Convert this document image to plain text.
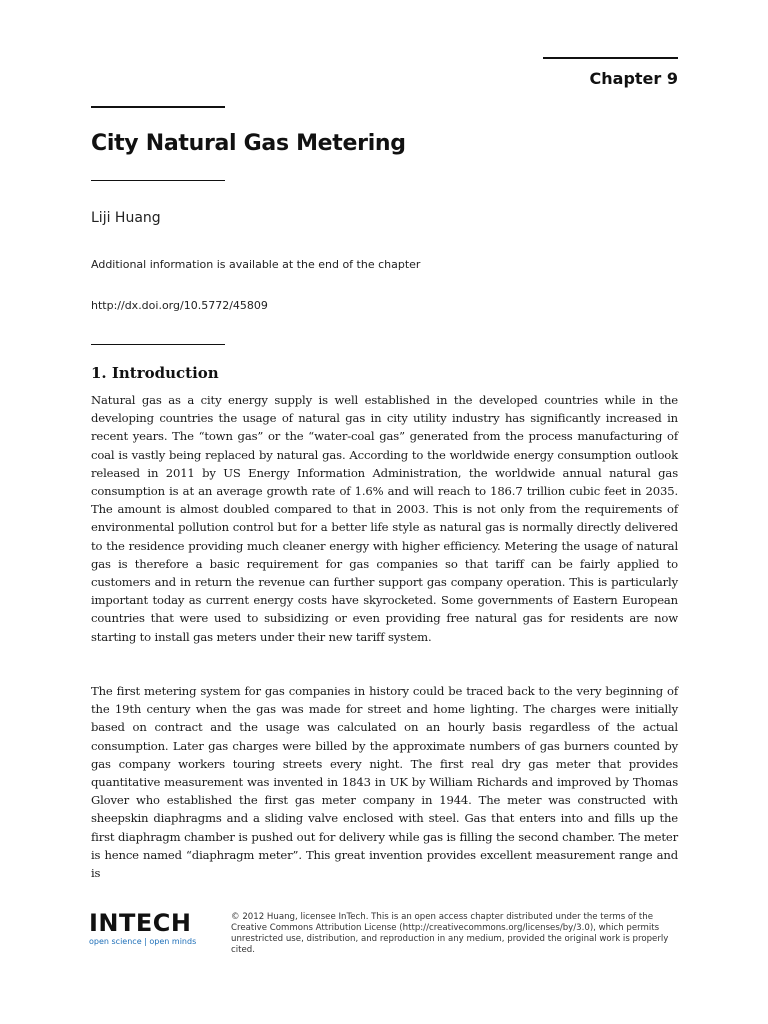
Chapter 9
City Natural Gas Metering
Liji Huang
Additional information is available at the end of the chapter
http://dx.doi.org/10.5772/45809
1. Introduction

Natural gas as a city energy supply is well established in the developed countries while in the developing countries the usage of natural gas in city utility industry has significantly increased in recent years. The “town gas” or the “water-coal gas” generated from the process manufacturing of coal is vastly being replaced by natural gas. According to the worldwide energy consumption outlook released in 2011 by US Energy Information Administration, the worldwide annual natural gas consumption is at an average growth rate of 1.6% and will reach to 186.7 trillion cubic feet in 2035. The amount is almost doubled compared to that in 2003. This is not only from the requirements of environmental pollution control but for a better life style as natural gas is normally directly delivered to the residence providing much cleaner energy with higher efficiency. Metering the usage of natural gas is therefore a basic requirement for gas companies so that tariff can be fairly applied to customers and in return the revenue can further support gas company operation. This is particularly important today as current energy costs have skyrocketed. Some governments of Eastern European countries that were used to subsidizing or even providing free natural gas for residents are now starting to install gas meters under their new tariff system.

The first metering system for gas companies in history could be traced back to the very beginning of the 19th century when the gas was made for street and home lighting. The charges were initially based on contract and the usage was calculated on an hourly basis regardless of the actual consumption. Later gas charges were billed by the approximate numbers of gas burners counted by gas company workers touring streets every night. The first real dry gas meter that provides quantitative measurement was invented in 1843 in UK by William Richards and improved by Thomas Glover who established the first gas meter company in 1944. The meter was constructed with sheepskin diaphragms and a sliding valve enclosed with steel. Gas that enters into and fills up the first diaphragm chamber is pushed out for delivery while gas is filling the second chamber. The meter is hence named “diaphragm meter”. This great invention provides excellent measurement range and is

INTECH
open science | open minds

© 2012 Huang, licensee InTech. This is an open access chapter distributed under the terms of the Creative Commons Attribution License (http://creativecommons.org/licenses/by/3.0), which permits unrestricted use, distribution, and reproduction in any medium, provided the original work is properly cited.
